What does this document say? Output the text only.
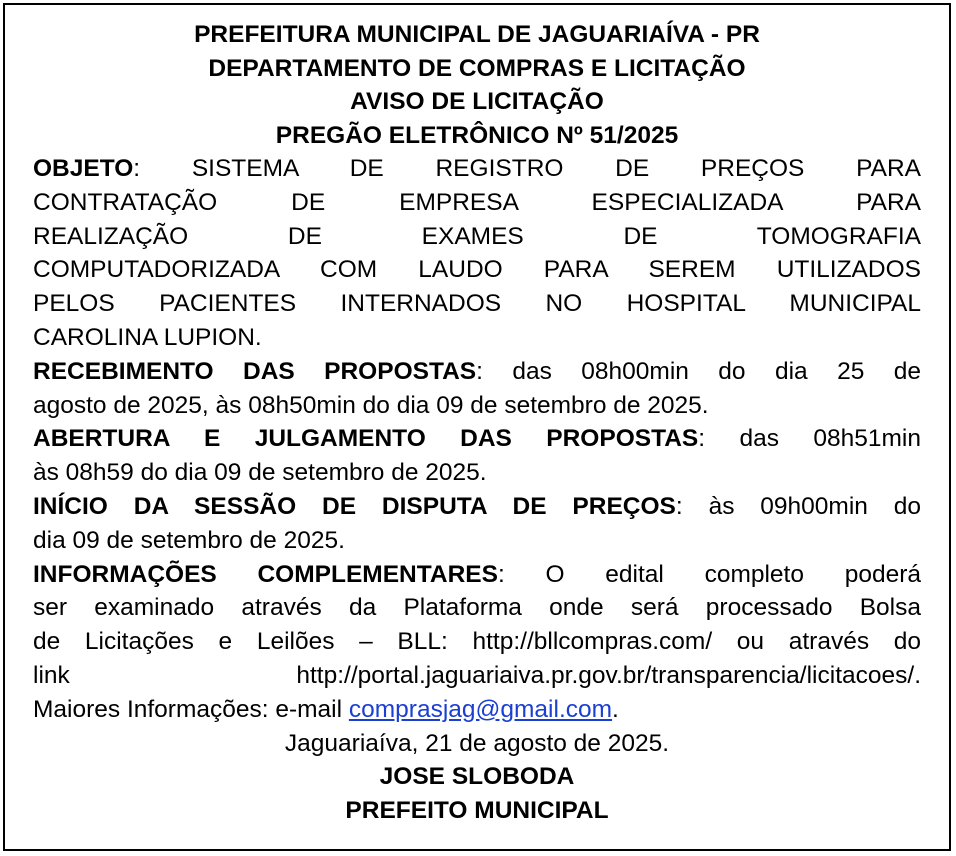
PREFEITURA MUNICIPAL DE JAGUARIAÍVA - PR
DEPARTAMENTO DE COMPRAS E LICITAÇÃO
AVISO DE LICITAÇÃO
PREGÃO ELETRÔNICO Nº 51/2025

OBJETO: SISTEMA DE REGISTRO DE PREÇOS PARA

CONTRATAÇÃO DE EMPRESA ESPECIALIZADA PARA

REALIZAÇÃO DE EXAMES DE TOMOGRAFIA

COMPUTADORIZADA COM LAUDO PARA SEREM UTILIZADOS

PELOS PACIENTES INTERNADOS NO HOSPITAL MUNICIPAL

CAROLINA LUPION.

RECEBIMENTO DAS PROPOSTAS: das 08h00min do dia 25 de

agosto de 2025, às 08h50min do dia 09 de setembro de 2025.

ABERTURA E JULGAMENTO DAS PROPOSTAS: das 08h51min

às 08h59 do dia 09 de setembro de 2025.

INÍCIO DA SESSÃO DE DISPUTA DE PREÇOS: às 09h00min do

dia 09 de setembro de 2025.

INFORMAÇÕES COMPLEMENTARES: O edital completo poderá

ser examinado através da Plataforma onde será processado Bolsa

de Licitações e Leilões – BLL: http://bllcompras.com/ ou através do

link http://portal.jaguariaiva.pr.gov.br/transparencia/licitacoes/.

Maiores Informações: e-mail comprasjag@gmail.com.

Jaguariaíva, 21 de agosto de 2025.
JOSE SLOBODA
PREFEITO MUNICIPAL
